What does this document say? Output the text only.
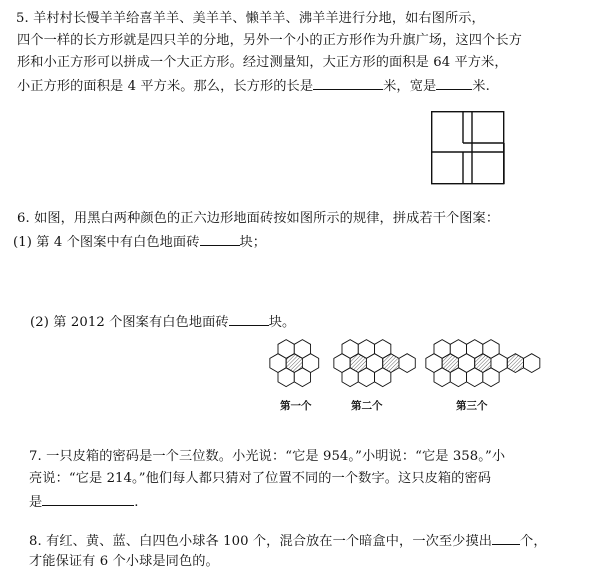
5. 羊村村长慢羊羊给喜羊羊、美羊羊、懒羊羊、沸羊羊进行分地，如右图所示，
四个一样的长方形就是四只羊的分地，另外一个小的正方形作为升旗广场，这四个长方
形和小正方形可以拼成一个大正方形。经过测量知，大正方形的面积是 64 平方米，
小正方形的面积是 4 平方米。那么，长方形的长是	米，宽是	米.
6. 如图，用黑白两种颜色的正六边形地面砖按如图所示的规律，拼成若干个图案：
(1) 第 4 个图案中有白色地面砖	块；
(2) 第 2012 个图案有白色地面砖	块。
第一个	第二个	第三个
7. 一只皮箱的密码是一个三位数。小光说：“它是 954。”小明说：“它是 358。”小
亮说：“它是 214。”他们每人都只猜对了位置不同的一个数字。这只皮箱的密码
是	.
8. 有红、黄、蓝、白四色小球各 100 个，混合放在一个暗盒中，一次至少摸出 个，
才能保证有 6 个小球是同色的。
